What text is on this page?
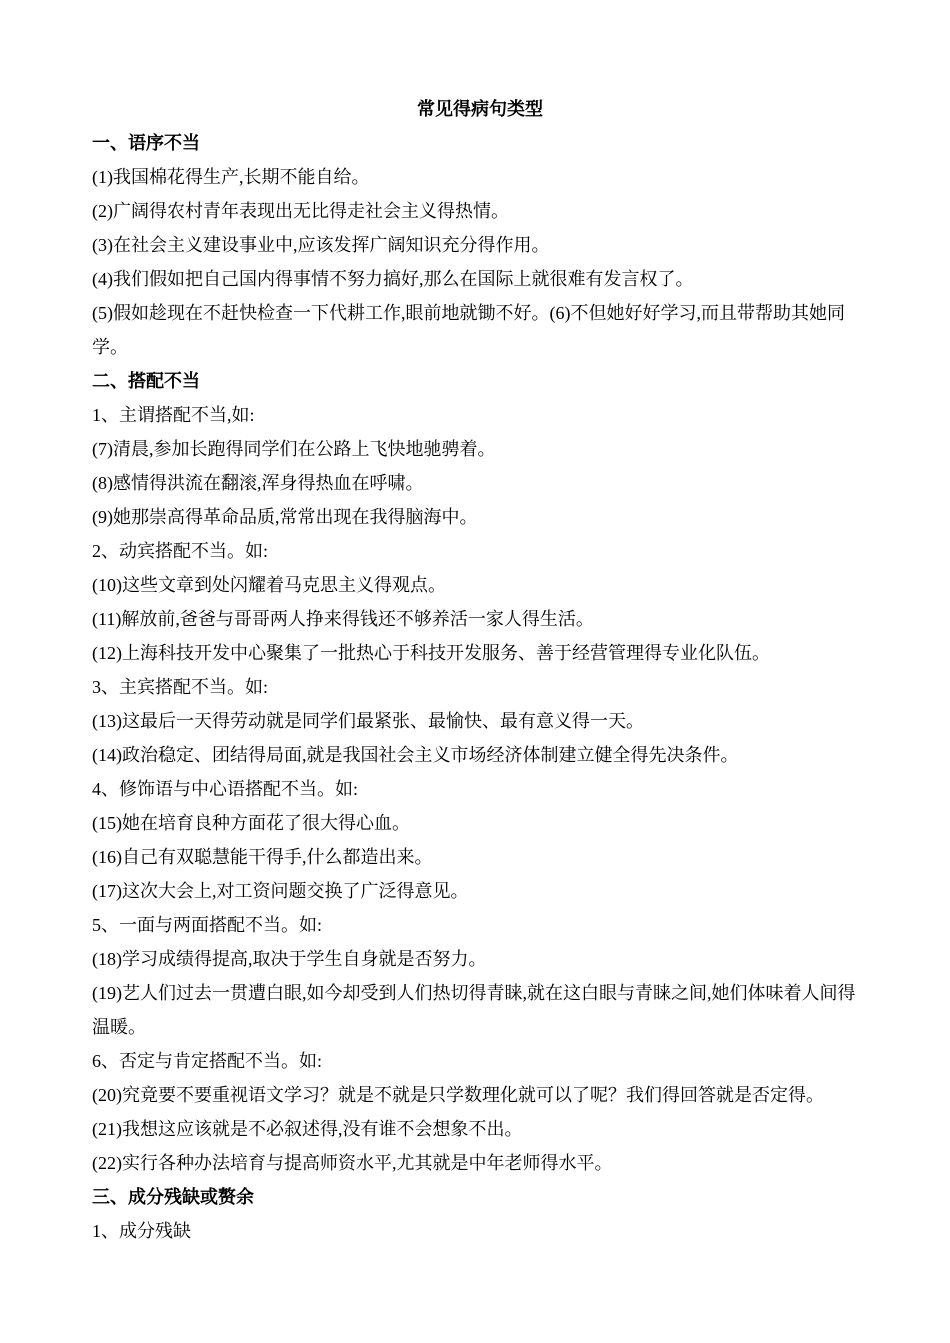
常见得病句类型

一、语序不当

(1)我国棉花得生产,长期不能自给。

(2)广阔得农村青年表现出无比得走社会主义得热情。

(3)在社会主义建设事业中,应该发挥广阔知识充分得作用。

(4)我们假如把自己国内得事情不努力搞好,那么在国际上就很难有发言权了。

(5)假如趁现在不赶快检查一下代耕工作,眼前地就锄不好。(6)不但她好好学习,而且带帮助其她同学。

二、搭配不当

1、主谓搭配不当,如:

(7)清晨,参加长跑得同学们在公路上飞快地驰骋着。

(8)感情得洪流在翻滚,浑身得热血在呼啸。

(9)她那崇高得革命品质,常常出现在我得脑海中。

2、动宾搭配不当。如:

(10)这些文章到处闪耀着马克思主义得观点。

(11)解放前,爸爸与哥哥两人挣来得钱还不够养活一家人得生活。

(12)上海科技开发中心聚集了一批热心于科技开发服务、善于经营管理得专业化队伍。

3、主宾搭配不当。如:

(13)这最后一天得劳动就是同学们最紧张、最愉快、最有意义得一天。

(14)政治稳定、团结得局面,就是我国社会主义市场经济体制建立健全得先决条件。

4、修饰语与中心语搭配不当。如:

(15)她在培育良种方面花了很大得心血。

(16)自己有双聪慧能干得手,什么都造出来。

(17)这次大会上,对工资问题交换了广泛得意见。

5、一面与两面搭配不当。如:

(18)学习成绩得提高,取决于学生自身就是否努力。

(19)艺人们过去一贯遭白眼,如今却受到人们热切得青睐,就在这白眼与青睐之间,她们体味着人间得温暖。

6、否定与肯定搭配不当。如:

(20)究竟要不要重视语文学习？就是不就是只学数理化就可以了呢？我们得回答就是否定得。

(21)我想这应该就是不必叙述得,没有谁不会想象不出。

(22)实行各种办法培育与提高师资水平,尤其就是中年老师得水平。

三、成分残缺或赘余

1、成分残缺
